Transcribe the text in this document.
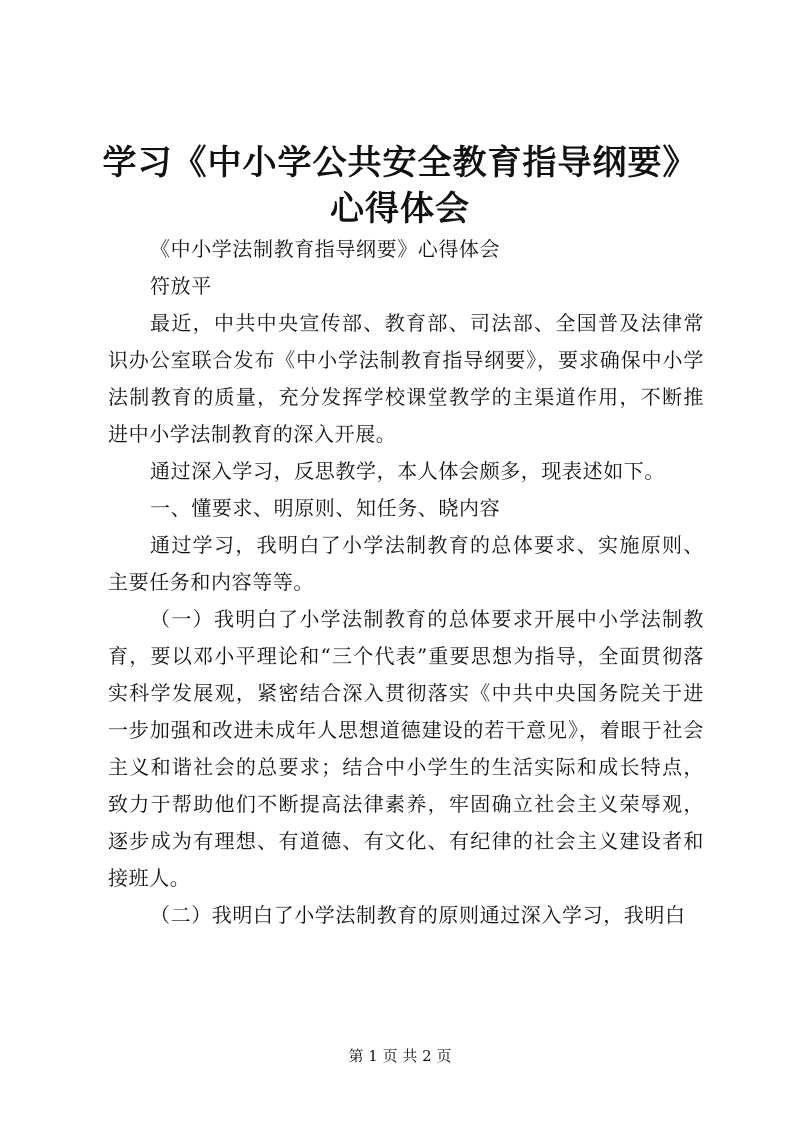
学习《中小学公共安全教育指导纲要》心得体会

《中小学法制教育指导纲要》心得体会

符放平

最近，中共中央宣传部、教育部、司法部、全国普及法律常识办公室联合发布《中小学法制教育指导纲要》，要求确保中小学法制教育的质量，充分发挥学校课堂教学的主渠道作用，不断推进中小学法制教育的深入开展。

通过深入学习，反思教学，本人体会颇多，现表述如下。

一、懂要求、明原则、知任务、晓内容

通过学习，我明白了小学法制教育的总体要求、实施原则、主要任务和内容等等。

（一）我明白了小学法制教育的总体要求开展中小学法制教育，要以邓小平理论和“三个代表”重要思想为指导，全面贯彻落实科学发展观，紧密结合深入贯彻落实《中共中央国务院关于进一步加强和改进未成年人思想道德建设的若干意见》，着眼于社会主义和谐社会的总要求；结合中小学生的生活实际和成长特点，致力于帮助他们不断提高法律素养，牢固确立社会主义荣辱观，逐步成为有理想、有道德、有文化、有纪律的社会主义建设者和接班人。

（二）我明白了小学法制教育的原则通过深入学习，我明白

第 1 页 共 2 页
